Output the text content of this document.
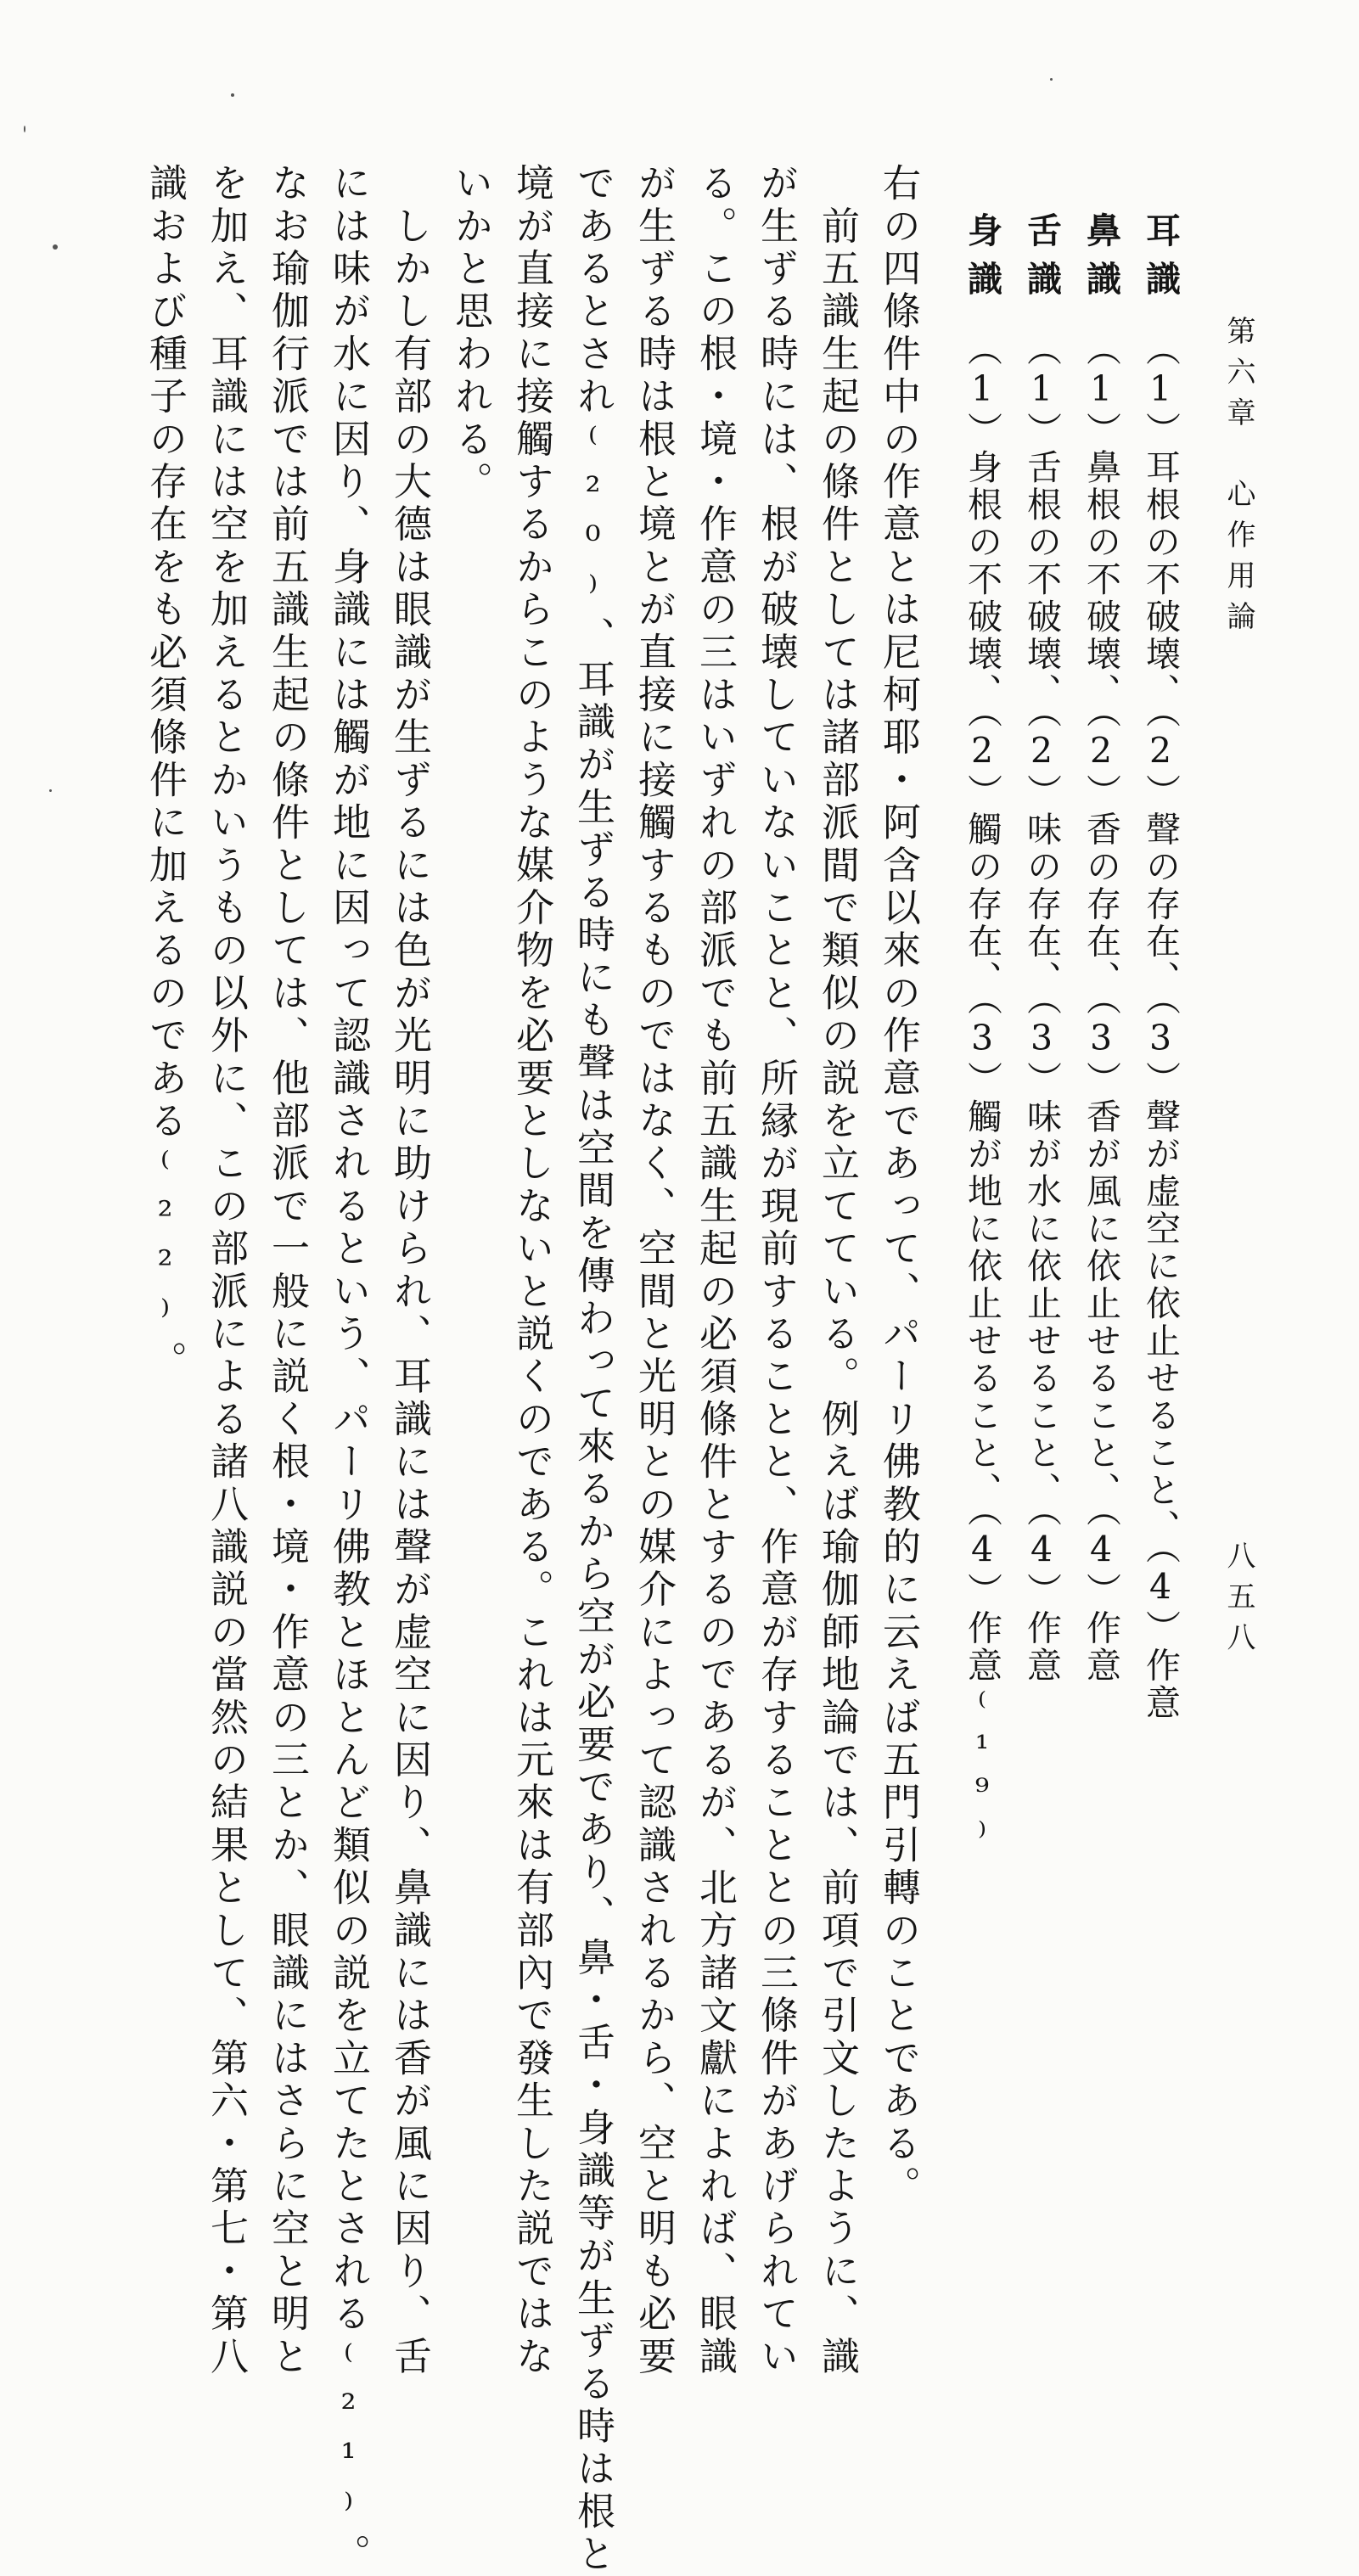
第六章　心作用論
八五八
耳識（1）耳根の不破壊、（2）聲の存在、（3）聲が虚空に依止せること、（4）作意
鼻識（1）鼻根の不破壊、（2）香の存在、（3）香が風に依止せること、（4）作意
舌識（1）舌根の不破壊、（2）味の存在、（3）味が水に依止せること、（4）作意
身識（1）身根の不破壊、（2）觸の存在、（3）觸が地に依止せること、（4）作意⁽¹⁹⁾
右の四條件中の作意とは尼柯耶・阿含以來の作意であって、パーリ佛教的に云えば五門引轉のことである。
　前五識生起の條件としては諸部派間で類似の説を立てている。例えば瑜伽師地論では、前項で引文したように、識
が生ずる時には、根が破壊していないことと、所縁が現前することと、作意が存することとの三條件があげられてい
る。この根・境・作意の三はいずれの部派でも前五識生起の必須條件とするのであるが、北方諸文獻によれば、眼識
が生ずる時は根と境とが直接に接觸するものではなく、空間と光明との媒介によって認識されるから、空と明も必要
であるとされ⁽²⁰⁾、耳識が生ずる時にも聲は空間を傳わって來るから空が必要であり、鼻・舌・身識等が生ずる時は根と
境が直接に接觸するからこのような媒介物を必要としないと説くのである。これは元來は有部內で發生した説ではな
いかと思われる。
　しかし有部の大德は眼識が生ずるには色が光明に助けられ、耳識には聲が虚空に因り、鼻識には香が風に因り、舌
には味が水に因り、身識には觸が地に因って認識されるという、パーリ佛教とほとんど類似の説を立てたとされる⁽²¹⁾。
なお瑜伽行派では前五識生起の條件としては、他部派で一般に説く根・境・作意の三とか、眼識にはさらに空と明と
を加え、耳識には空を加えるとかいうもの以外に、この部派による諸八識説の當然の結果として、第六・第七・第八
識および種子の存在をも必須條件に加えるのである⁽²²⁾。
